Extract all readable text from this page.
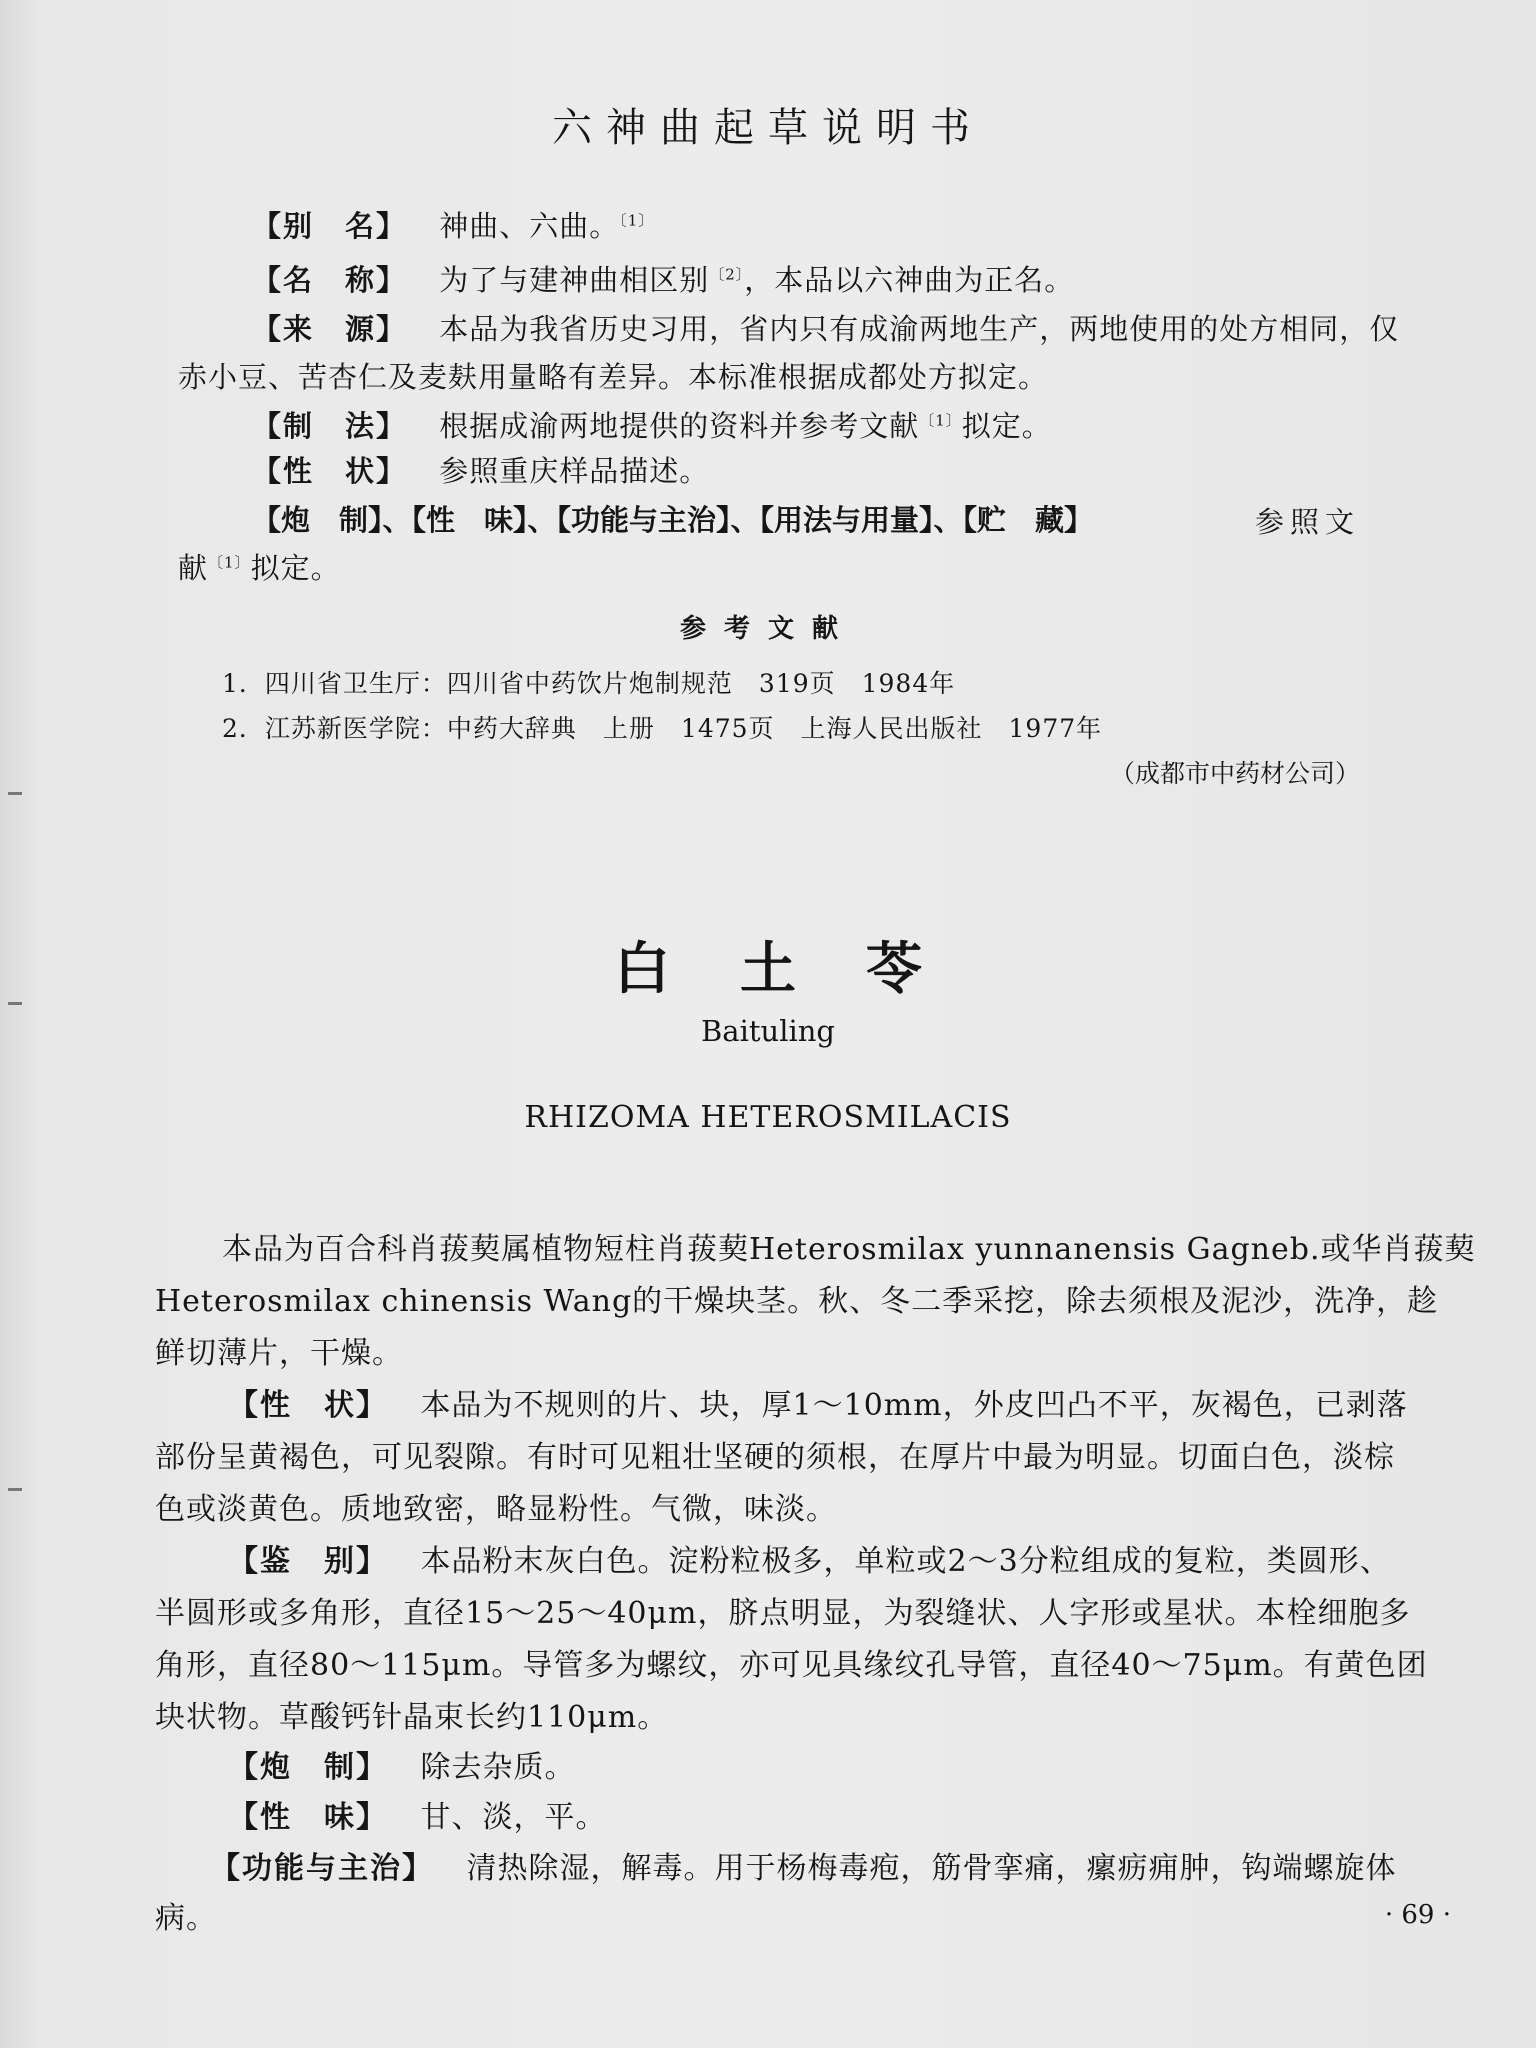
六神曲起草说明书
【别　名】 神曲、六曲。$^{〔1〕}$
【名　称】 为了与建神曲相区别$^{〔2〕}$，本品以六神曲为正名。
【来　源】 本品为我省历史习用，省内只有成渝两地生产，两地使用的处方相同，仅
赤小豆、苦杏仁及麦麸用量略有差异。本标准根据成都处方拟定。
【制　法】 根据成渝两地提供的资料并参考文献$^{〔1〕}$拟定。
【性　状】 参照重庆样品描述。
【炮　制】、【性　味】、【功能与主治】、【用法与用量】、【贮　藏】	参照文
献$^{〔1〕}$拟定。
参考文献
1．四川省卫生厅：四川省中药饮片炮制规范　319页　1984年
2．江苏新医学院：中药大辞典　上册　1475页　上海人民出版社　1977年
（成都市中药材公司）
白土苓
Baituling
RHIZOMA HETEROSMILACIS
本品为百合科肖菝葜属植物短柱肖菝葜Heterosmilax yunnanensis Gagneb.或华肖菝葜
Heterosmilax chinensis Wang的干燥块茎。秋、冬二季采挖，除去须根及泥沙，洗净，趁
鲜切薄片，干燥。
【性　状】 本品为不规则的片、块，厚1～10mm，外皮凹凸不平，灰褐色，已剥落
部份呈黄褐色，可见裂隙。有时可见粗壮坚硬的须根，在厚片中最为明显。切面白色，淡棕
色或淡黄色。质地致密，略显粉性。气微，味淡。
【鉴　别】 本品粉末灰白色。淀粉粒极多，单粒或2～3分粒组成的复粒，类圆形、
半圆形或多角形，直径15～25～40μm，脐点明显，为裂缝状、人字形或星状。本栓细胞多
角形，直径80～115μm。导管多为螺纹，亦可见具缘纹孔导管，直径40～75μm。有黄色团
块状物。草酸钙针晶束长约110μm。
【炮　制】 除去杂质。
【性　味】 甘、淡，平。
【功能与主治】 清热除湿，解毒。用于杨梅毒疱，筋骨挛痛，瘰疬痈肿，钩端螺旋体
病。	· 69 ·
